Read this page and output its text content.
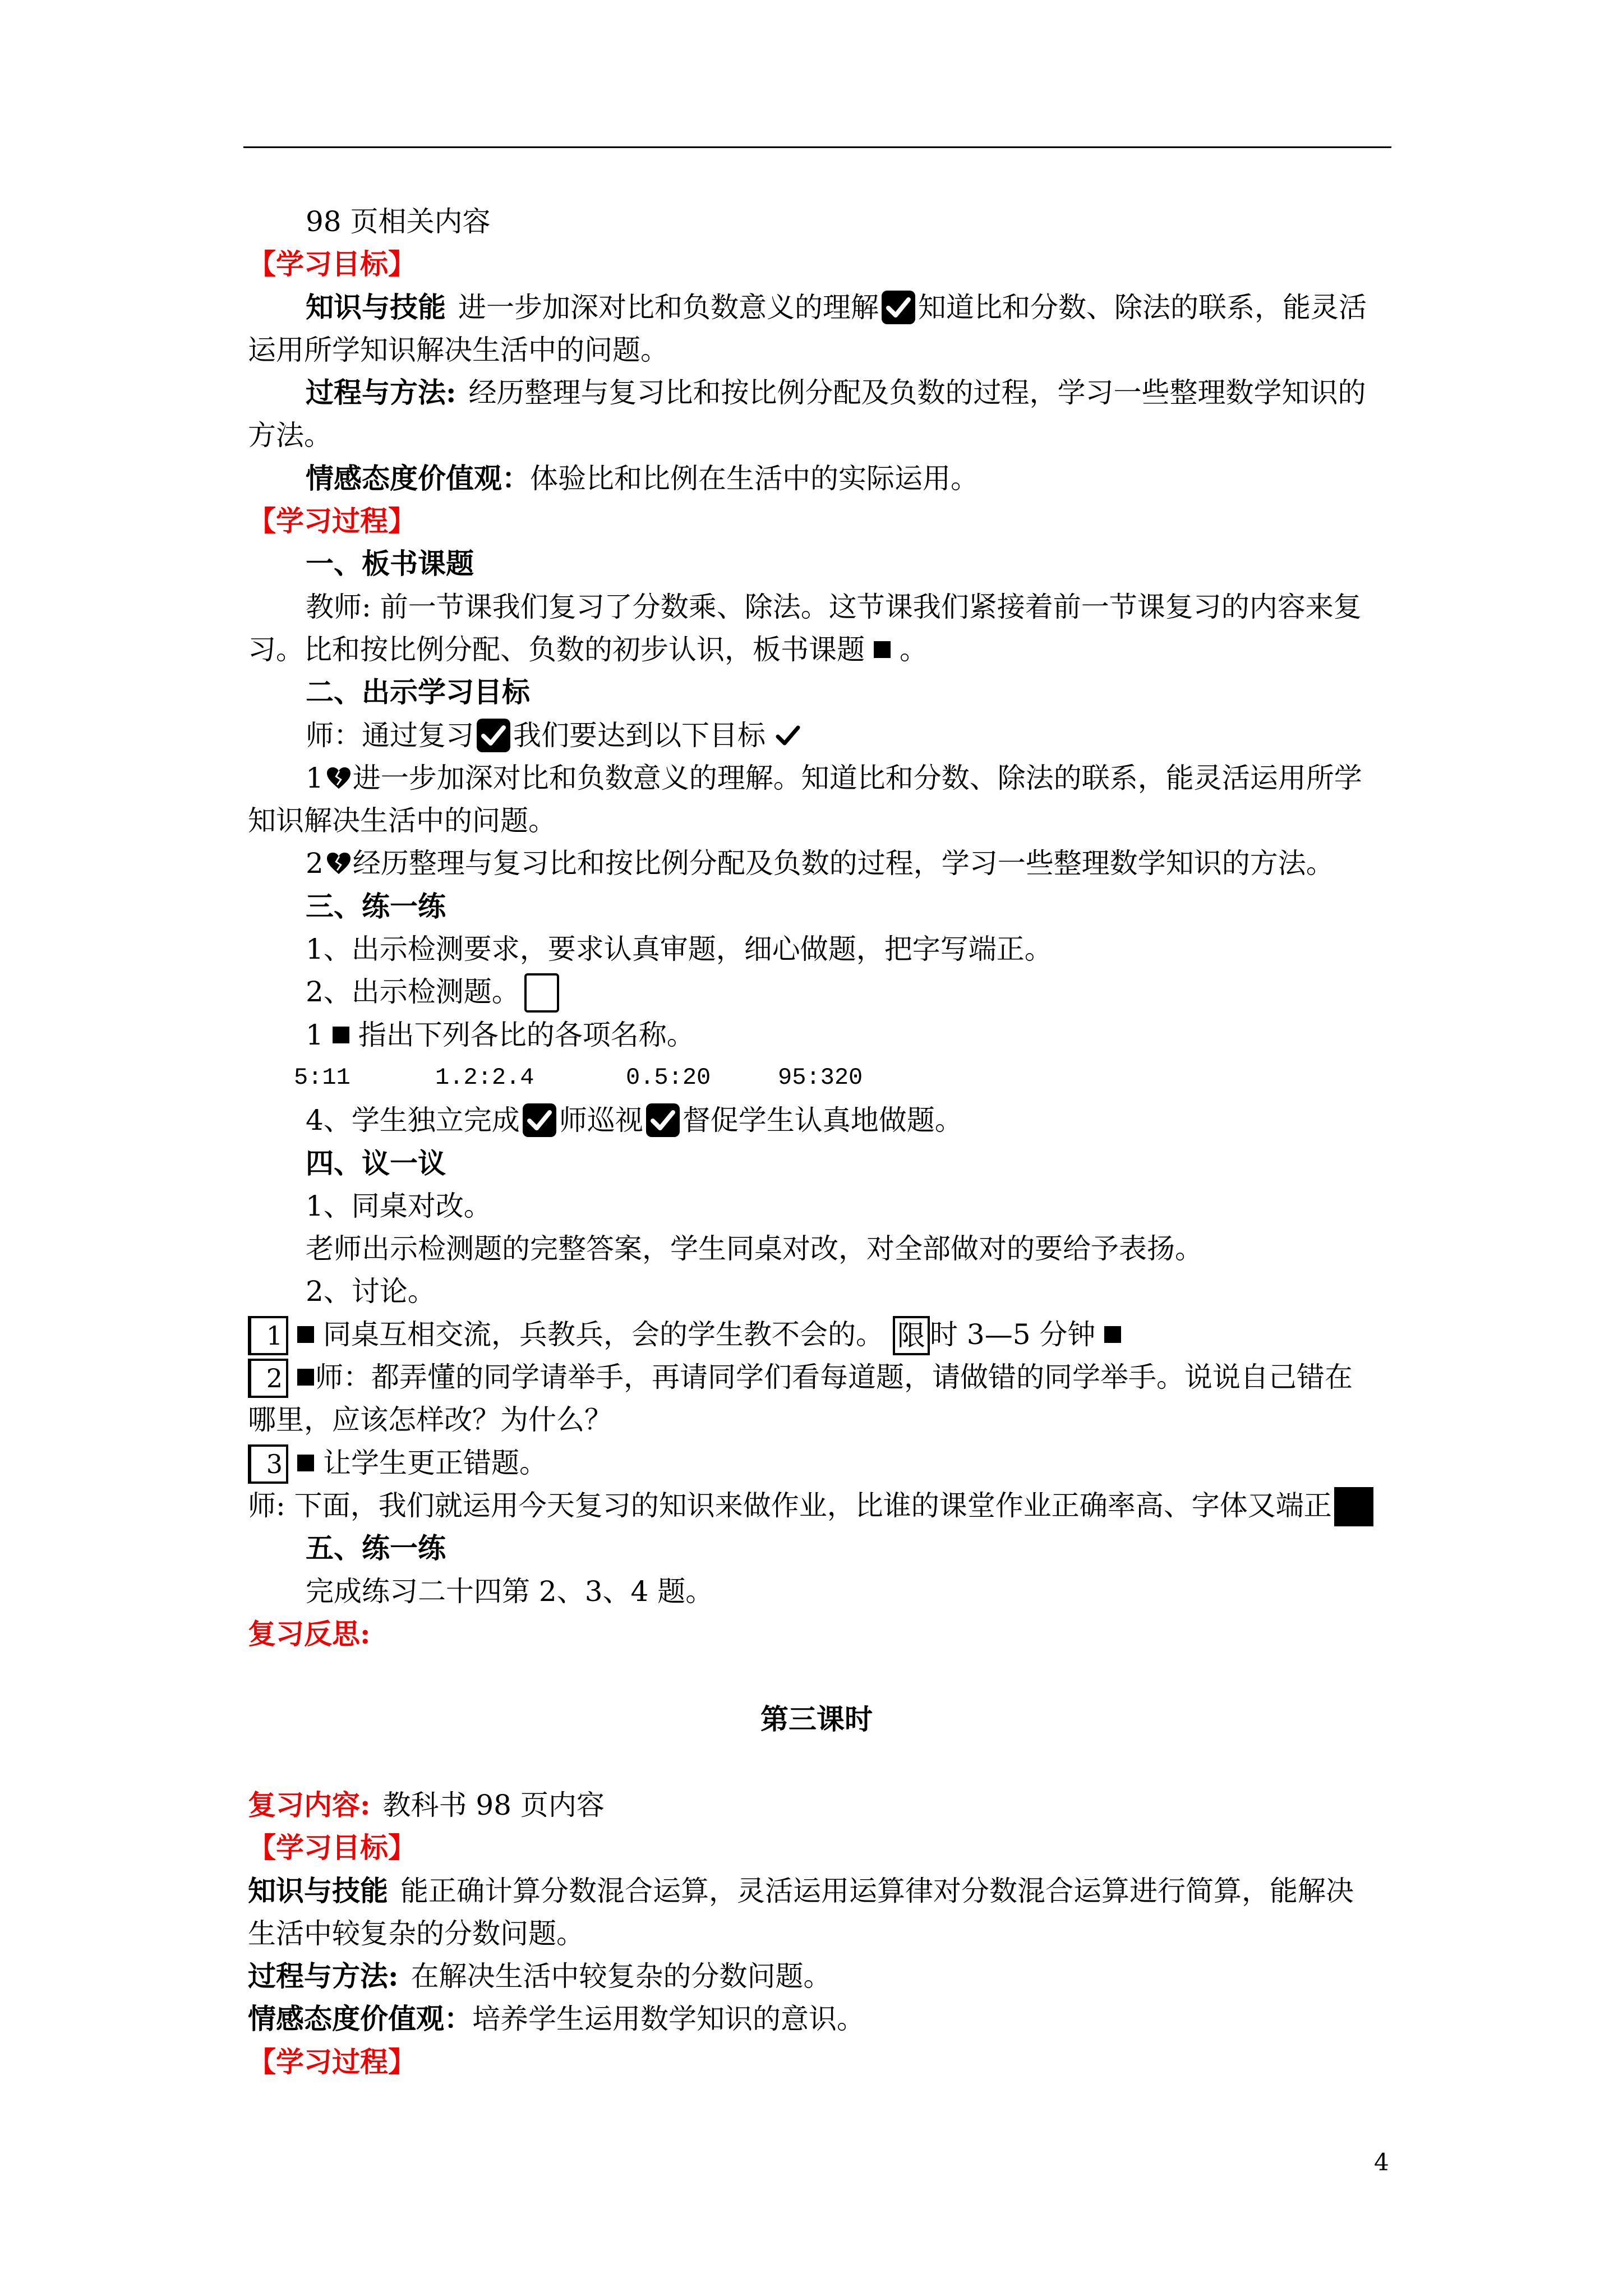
98 页相关内容
【学习目标】
知识与技能 进一步加深对比和负数意义的理解 知道比和分数、除法的联系，能灵活
运用所学知识解决生活中的问题。
过程与方法: 经历整理与复习比和按比例分配及负数的过程，学习一些整理数学知识的
方法。
情感态度价值观：体验比和比例在生活中的实际运用。
【学习过程】
一、板书课题
教师: 前一节课我们复习了分数乘、除法。这节课我们紧接着前一节课复习的内容来复
习。比和按比例分配、负数的初步认识，板书课题 。
二、出示学习目标
师：通过复习 我们要达到以下目标
1 进一步加深对比和负数意义的理解。知道比和分数、除法的联系，能灵活运用所学
知识解决生活中的问题。
2 经历整理与复习比和按比例分配及负数的过程，学习一些整理数学知识的方法。
三、练一练
1、出示检测要求，要求认真审题，细心做题，把字写端正。
2、出示检测题。
1 指出下列各比的各项名称。
5:11	1.2:2.4	0.5:20	95:320
4、学生独立完成 师巡视 督促学生认真地做题。
四、议一议
1、同桌对改。
老师出示检测题的完整答案，学生同桌对改，对全部做对的要给予表扬。
2、讨论。
1 同桌互相交流，兵教兵，会的学生教不会的。 限 时 3—5 分钟
2 师：都弄懂的同学请举手，再请同学们看每道题，请做错的同学举手。说说自己错在
哪里，应该怎样改？为什么？
3 让学生更正错题。
师: 下面，我们就运用今天复习的知识来做作业，比谁的课堂作业正确率高、字体又端正
五、练一练
完成练习二十四第 2、3、4 题。
复习反思:
第三课时
复习内容: 教科书 98 页内容
【学习目标】
知识与技能 能正确计算分数混合运算，灵活运用运算律对分数混合运算进行简算，能解决
生活中较复杂的分数问题。
过程与方法: 在解决生活中较复杂的分数问题。
情感态度价值观：培养学生运用数学知识的意识。
【学习过程】
4
